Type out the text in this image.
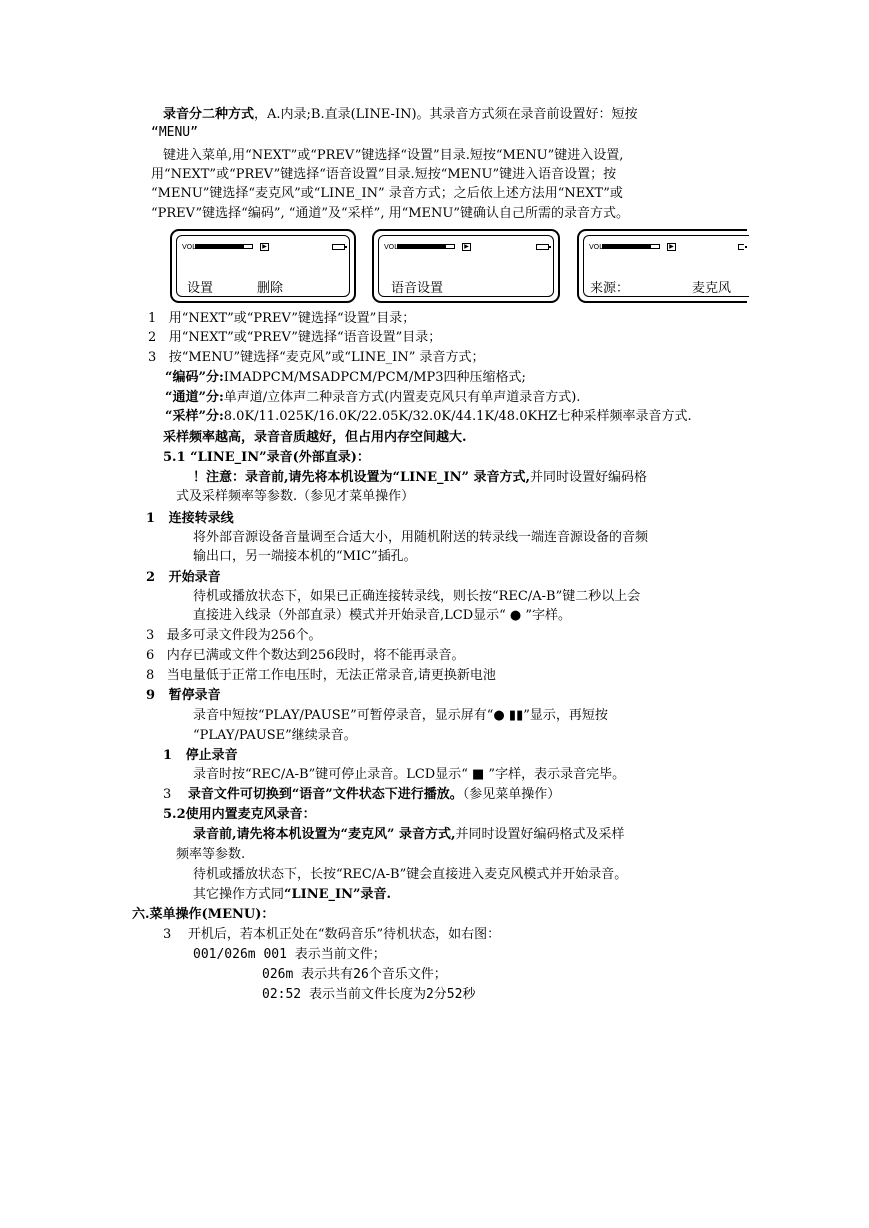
录音分二种方式，A.内录;B.直录(LINE-IN)。其录音方式须在录音前设置好：短按
“MENU”
键进入菜单,用“NEXT”或“PREV”键选择“设置”目录.短按“MENU”键进入设置,
用“NEXT”或“PREV”键选择“语音设置”目录.短按“MENU”键进入语音设置；按
“MENU”键选择“麦克风”或“LINE_IN” 录音方式；之后依上述方法用“NEXT”或
“PREV”键选择“编码”, “通道”及“采样”, 用“MENU”键确认自己所需的录音方式。
VOL	▶
设置	删除
VOL	▶
语音设置
VOL	▶
来源：	麦克风
1 用“NEXT”或“PREV”键选择“设置”目录；
2 用“NEXT”或“PREV”键选择“语音设置”目录；
3 按“MENU”键选择“麦克风”或“LINE_IN” 录音方式；
“编码”分:IMADPCM/MSADPCM/PCM/MP3四种压缩格式;
“通道”分:单声道/立体声二种录音方式(内置麦克风只有单声道录音方式).
“采样”分:8.0K/11.025K/16.0K/22.05K/32.0K/44.1K/48.0KHZ七种采样频率录音方式.
采样频率越高，录音音质越好，但占用内存空间越大.
5.1 “LINE_IN”录音(外部直录)：
！注意：录音前,请先将本机设置为“LINE_IN” 录音方式,并同时设置好编码格
式及采样频率等参数.（参见才菜单操作）
1 连接转录线
将外部音源设备音量调至合适大小，用随机附送的转录线一端连音源设备的音频
输出口，另一端接本机的“MIC”插孔。
2 开始录音
待机或播放状态下，如果已正确连接转录线，则长按“REC/A-B”键二秒以上会
直接进入线录（外部直录）模式并开始录音,LCD显示“ ● ”字样。
3 最多可录文件段为256个。
6 内存已满或文件个数达到256段时，将不能再录音。
8 当电量低于正常工作电压时，无法正常录音,请更换新电池
9 暂停录音
录音中短按“PLAY/PAUSE”可暂停录音，显示屏有“● ▮▮”显示，再短按
“PLAY/PAUSE”继续录音。
1 停止录音
录音时按“REC/A-B”键可停止录音。LCD显示“ ■ ”字样，表示录音完毕。
3 录音文件可切换到“语音”文件状态下进行播放。（参见菜单操作）
5.2使用内置麦克风录音：
录音前,请先将本机设置为“麦克风” 录音方式,并同时设置好编码格式及采样
频率等参数.
待机或播放状态下，长按“REC/A-B”键会直接进入麦克风模式并开始录音。
其它操作方式同“LINE_IN”录音.
六.菜单操作(MENU)：
3 开机后，若本机正处在“数码音乐”待机状态，如右图：
001/026m 001 表示当前文件；
026m 表示共有26个音乐文件；
02:52 表示当前文件长度为2分52秒
